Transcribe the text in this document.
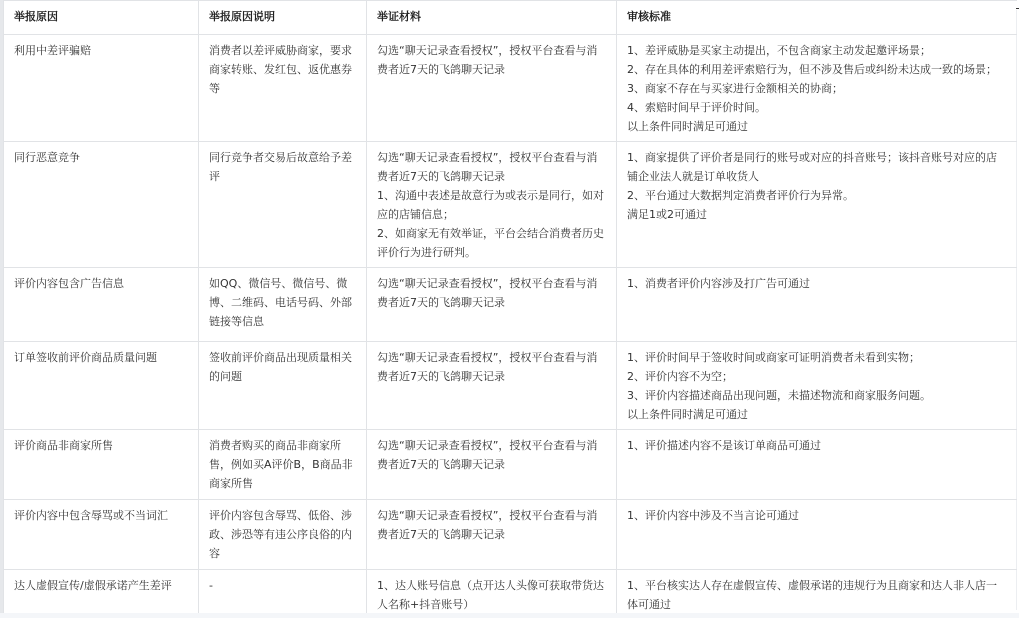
举报原因	举报原因说明	举证材料	审核标准
利用中差评骗赔	消费者以差评威胁商家，要求商家转账、发红包、返优惠券等	勾选“聊天记录查看授权”，授权平台查看与消费者近7天的飞鸽聊天记录	1、差评威胁是买家主动提出，不包含商家主动发起邀评场景；
2、存在具体的利用差评索赔行为，但不涉及售后或纠纷未达成一致的场景；
3、商家不存在与买家进行金额相关的协商；
4、索赔时间早于评价时间。
以上条件同时满足可通过

同行恶意竞争	同行竞争者交易后故意给予差评	勾选“聊天记录查看授权”，授权平台查看与消费者近7天的飞鸽聊天记录
1、沟通中表述是故意行为或表示是同行，如对应的店铺信息；
2、如商家无有效举证，平台会结合消费者历史评价行为进行研判。	1、商家提供了评价者是同行的账号或对应的抖音账号；该抖音账号对应的店铺企业法人就是订单收货人
2、平台通过大数据判定消费者评价行为异常。
满足1或2可通过

评价内容包含广告信息	如QQ、微信号、微信号、微博、二维码、电话号码、外部链接等信息	勾选“聊天记录查看授权”，授权平台查看与消费者近7天的飞鸽聊天记录	1、消费者评价内容涉及打广告可通过

订单签收前评价商品质量问题	签收前评价商品出现质量相关的问题	勾选“聊天记录查看授权”，授权平台查看与消费者近7天的飞鸽聊天记录	1、评价时间早于签收时间或商家可证明消费者未看到实物；
2、评价内容不为空；
3、评价内容描述商品出现问题，未描述物流和商家服务问题。
以上条件同时满足可通过

评价商品非商家所售	消费者购买的商品非商家所售，例如买A评价B，B商品非商家所售	勾选“聊天记录查看授权”，授权平台查看与消费者近7天的飞鸽聊天记录	1、评价描述内容不是该订单商品可通过

评价内容中包含辱骂或不当词汇	评价内容包含辱骂、低俗、涉政、涉恐等有违公序良俗的内容	勾选“聊天记录查看授权”，授权平台查看与消费者近7天的飞鸽聊天记录	1、评价内容中涉及不当言论可通过

达人虚假宣传/虚假承诺产生差评	-	1、达人账号信息（点开达人头像可获取带货达人名称+抖音账号）	1、平台核实达人存在虚假宣传、虚假承诺的违规行为且商家和达人非人店一体可通过
